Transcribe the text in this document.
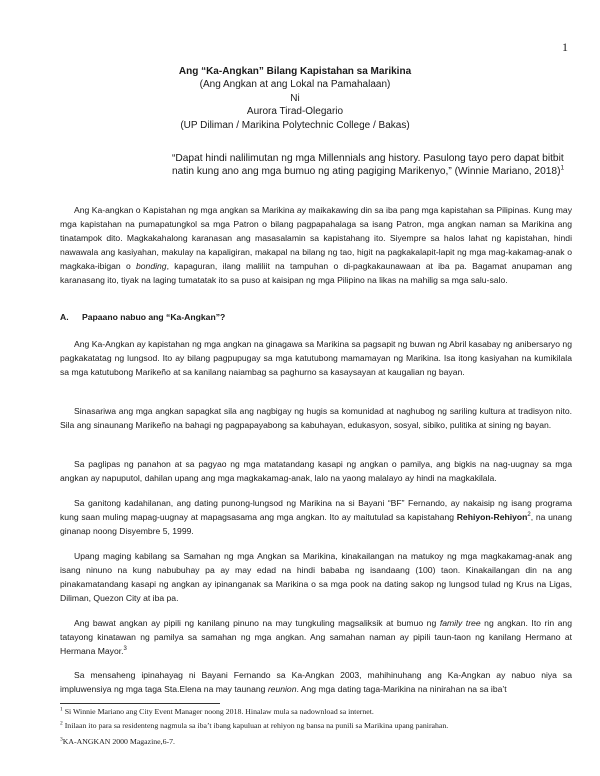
1
Ang “Ka-Angkan” Bilang Kapistahan sa Marikina
(Ang Angkan at ang Lokal na Pamahalaan)
Ni
Aurora Tirad-Olegario
(UP Diliman / Marikina Polytechnic College / Bakas)
“Dapat hindi nalilimutan ng mga Millennials ang history. Pasulong tayo pero dapat bitbit natin kung ano ang mga bumuo ng ating pagiging Marikenyo,” (Winnie Mariano, 2018)$^1$
Ang Ka-angkan o Kapistahan ng mga angkan sa Marikina ay maikakawing din sa iba pang mga kapistahan sa Pilipinas. Kung may mga kapistahan na pumapatungkol sa mga Patron o bilang pagpapahalaga sa isang Patron, mga angkan naman sa Marikina ang tinatampok dito. Magkakahalong karanasan ang masasalamin sa kapistahang ito. Siyempre sa halos lahat ng kapistahan, hindi nawawala ang kasiyahan, makulay na kapaligiran, makapal na bilang ng tao, higit na pagkakalapit-lapit ng mga mag-kakamag-anak o magkaka-ibigan o bonding, kapaguran, ilang maliliit na tampuhan o di-pagkakaunawaan at iba pa. Bagamat anupaman ang karanasang ito, tiyak na laging tumatatak ito sa puso at kaisipan ng mga Pilipino na likas na mahilig sa mga salu-salo.
A. Papaano nabuo ang “Ka-Angkan”?
Ang Ka-Angkan ay kapistahan ng mga angkan na ginagawa sa Marikina sa pagsapit ng buwan ng Abril kasabay ng anibersaryo ng pagkakatatag ng lungsod. Ito ay bilang pagpupugay sa mga katutubong mamamayan ng Marikina. Isa itong kasiyahan na kumikilala sa mga katutubong Marikeño at sa kanilang naiambag sa paghurno sa kasaysayan at kaugalian ng bayan.
Sinasariwa ang mga angkan sapagkat sila ang nagbigay ng hugis sa komunidad at naghubog ng sariling kultura at tradisyon nito. Sila ang sinaunang Marikeño na bahagi ng pagpapayabong sa kabuhayan, edukasyon, sosyal, sibiko, pulitika at sining ng bayan.
Sa paglipas ng panahon at sa pagyao ng mga matatandang kasapi ng angkan o pamilya, ang bigkis na nag-uugnay sa mga angkan ay napuputol, dahilan upang ang mga magkakamag-anak, lalo na yaong malalayo ay hindi na magkakilala.
Sa ganitong kadahilanan, ang dating punong-lungsod ng Marikina na si Bayani “BF” Fernando, ay nakaisip ng isang programa kung saan muling mapag-uugnay at mapagsasama ang mga angkan. Ito ay maitutulad sa kapistahang Rehiyon-Rehiyon$^2$, na unang ginanap noong Disyembre 5, 1999.
Upang maging kabilang sa Samahan ng mga Angkan sa Marikina, kinakailangan na matukoy ng mga magkakamag-anak ang isang ninuno na kung nabubuhay pa ay may edad na hindi bababa ng isandaang (100) taon. Kinakailangan din na ang pinakamatandang kasapi ng angkan ay ipinanganak sa Marikina o sa mga pook na dating sakop ng lungsod tulad ng Krus na Ligas, Diliman, Quezon City at iba pa.
Ang bawat angkan ay pipili ng kanilang pinuno na may tungkuling magsaliksik at bumuo ng family tree ng angkan. Ito rin ang tatayong kinatawan ng pamilya sa samahan ng mga angkan. Ang samahan naman ay pipili taun-taon ng kanilang Hermano at Hermana Mayor.$^3$
Sa mensaheng ipinahayag ni Bayani Fernando sa Ka-Angkan 2003, mahihinuhang ang Ka-Angkan ay nabuo niya sa impluwensiya ng mga taga Sta.Elena na may taunang reunion. Ang mga dating taga-Marikina na ninirahan na sa iba’t
$^1$ Si Winnie Mariano ang City Event Manager noong 2018. Hinalaw mula sa nadownload sa internet.
$^2$ Inilaan ito para sa residenteng nagmula sa iba’t ibang kapuluan at rehiyon ng bansa na punili sa Marikina upang panirahan.
$^3$KA-ANGKAN 2000 Magazine,6-7.
